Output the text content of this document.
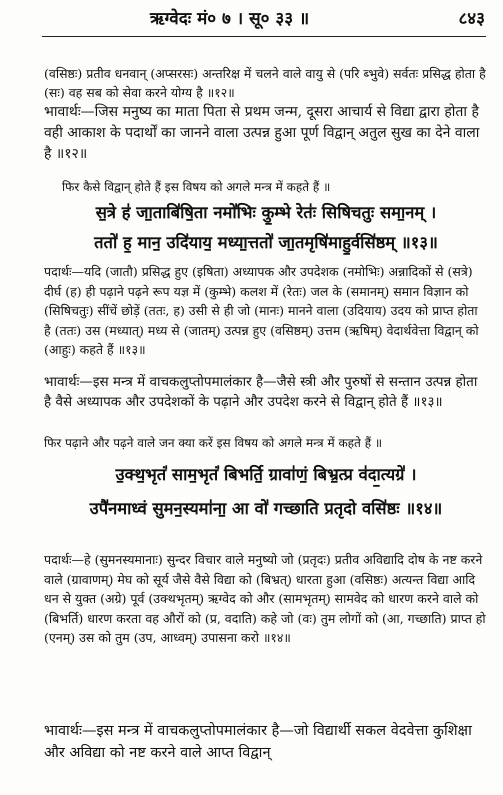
ऋग्वेदः मं० ७ । सू० ३३ ॥	८४३
(वसिष्ठः) प्रतीव धनवान् (अप्सरसः) अन्तरिक्ष में चलने वाले वायु से (परि ब्भुवे) सर्वतः प्रसिद्ध होता है (सः) वह सब को सेवा करने योग्य है ॥१२॥
भावार्थः—जिस मनुष्य का माता पिता से प्रथम जन्म, दूसरा आचार्य से विद्या द्वारा होता है वही आकाश के पदार्थों का जानने वाला उत्पन्न हुआ पूर्ण विद्वान् अतुल सुख का देने वाला है ॥१२॥
फिर कैसे विद्वान् होते हैं इस विषय को अगले मन्त्र में कहते हैं ॥
स॒त्रे ह॑ जा॒ताबि॑षि॒ता नमो॑भिः कु॒म्भे रेतः॑ सिषिचतुः समा॒नम् ।
ततो॑ ह॒ मान॒ उदि॑याय॒ मध्या॒त्ततो॑ जा॒तमृषि॑माहु॒र्वसि॑ष्ठम् ॥१३॥
पदार्थः—यदि (जातौ) प्रसिद्ध हुए (इषिता) अध्यापक और उपदेशक (नमोभिः) अन्नादिकों से (सत्रे) दीर्घ (ह) ही पढ़ाने पढ़ने रूप यज्ञ में (कुम्भे) कलश में (रेतः) जल के (समानम्) समान विज्ञान को (सिषिचतुः) सींचें छोड़ें (ततः, ह) उसी से ही जो (मानः) मानने वाला (उदियाय) उदय को प्राप्त होता है (ततः) उस (मध्यात्) मध्य से (जातम्) उत्पन्न हुए (वसिष्ठम्) उत्तम (ऋषिम्) वेदार्थवेत्ता विद्वान् को (आहुः) कहते हैं ॥१३॥
भावार्थः—इस मन्त्र में वाचकलुप्तोपमालंकार है—जैसे स्त्री और पुरुषों से सन्तान उत्पन्न होता है वैसे अध्यापक और उपदेशकों के पढ़ाने और उपदेश करने से विद्वान् होते हैं ॥१३॥
फिर पढ़ाने और पढ़ने वाले जन क्या करें इस विषय को अगले मन्त्र में कहते हैं ॥
उ॒क्थ॒भृतं॑ साम॒भृतं॑ बिभर्ति॒ ग्रावा॑णं॒ बिभ्र॒त्प्र व॑दा॒त्यग्रे॑ ।
उपै॑नमाध्वं सुमन॒स्यमा॑ना॒ आ वो॑ गच्छाति प्रतृदो वसि॑ष्ठः ॥१४॥
पदार्थः—हे (सुमनस्यमानाः) सुन्दर विचार वाले मनुष्यो जो (प्रतृदः) प्रतीव अविद्यादि दोष के नष्ट करने वाले (ग्रावाणम्) मेघ को सूर्य जैसे वैसे विद्या को (बिभ्रत्) धारता हुआ (वसिष्ठः) अत्यन्त विद्या आदि धन से युक्त (अग्रे) पूर्व (उक्थभृतम्) ऋग्वेद को और (सामभृतम्) सामवेद को धारण करने वाले को (बिभर्ति) धारण करता वह औरों को (प्र, वदाति) कहे जो (वः) तुम लोगों को (आ, गच्छाति) प्राप्त हो (एनम्) उस को तुम (उप, आध्वम्) उपासना करो ॥१४॥
भावार्थः—इस मन्त्र में वाचकलुप्तोपमालंकार है—जो विद्यार्थी सकल वेदवेत्ता कुशिक्षा और अविद्या को नष्ट करने वाले आप्त विद्वान्
